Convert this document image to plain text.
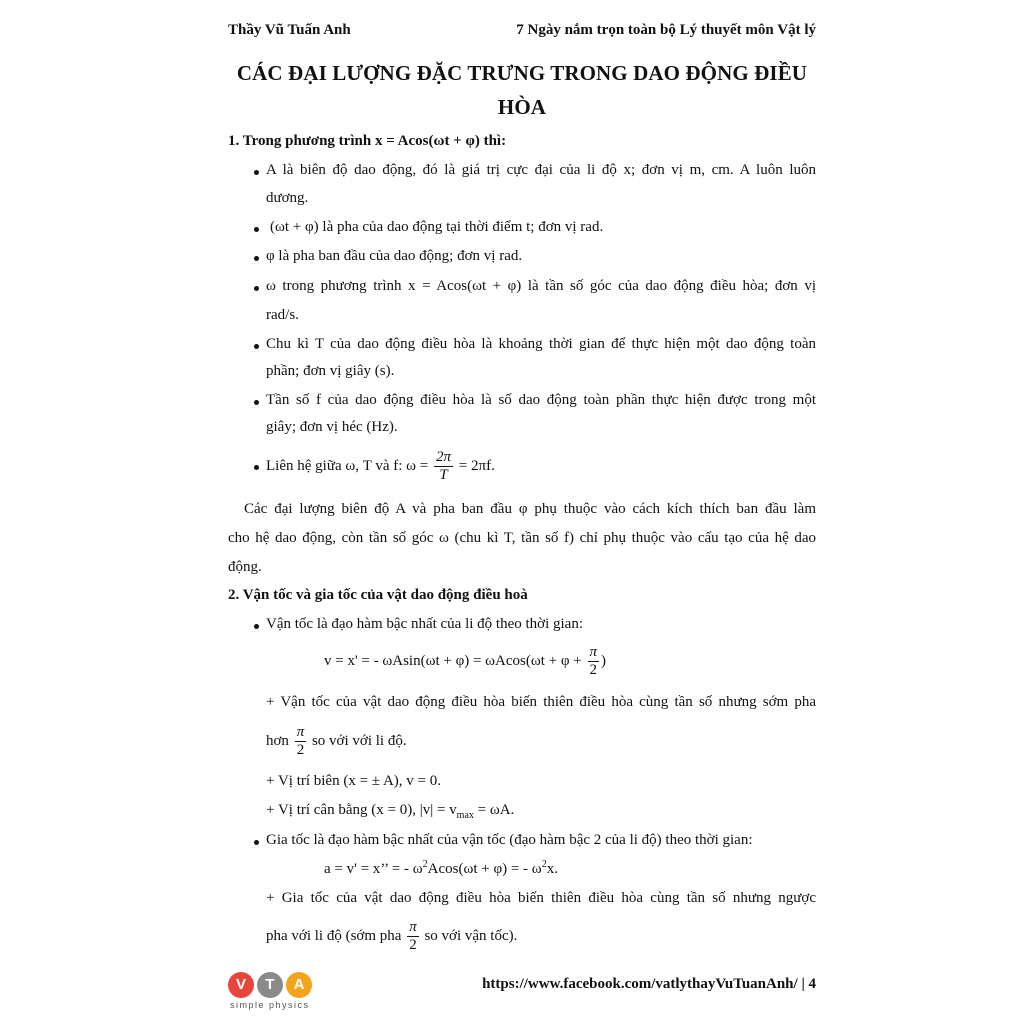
Thầy Vũ Tuấn Anh	7 Ngày nắm trọn toàn bộ Lý thuyết môn Vật lý
CÁC ĐẠI LƯỢNG ĐẶC TRƯNG TRONG DAO ĐỘNG ĐIỀU
HÒA
1. Trong phương trình x = Acos(ωt + φ) thì:
A là biên độ dao động, đó là giá trị cực đại của li độ x; đơn vị m, cm. A luôn luôn
dương.
(ωt + φ) là pha của dao động tại thời điểm t; đơn vị rad.
φ là pha ban đầu của dao động; đơn vị rad.
ω trong phương trình x = Acos(ωt + φ) là tần số góc của dao động điều hòa; đơn vị
rad/s.
Chu kì T của dao động điều hòa là khoảng thời gian để thực hiện một dao động toàn
phần; đơn vị giây (s).
Tần số f của dao động điều hòa là số dao động toàn phần thực hiện được trong một
giây; đơn vị héc (Hz).
Liên hệ giữa ω, T và f: $\omega = \frac{2\pi}{T} = 2\pi f$.
Các đại lượng biên độ A và pha ban đầu φ phụ thuộc vào cách kích thích ban đầu làm
cho hệ dao động, còn tần số góc ω (chu kì T, tần số f) chỉ phụ thuộc vào cấu tạo của hệ dao
động.
2. Vận tốc và gia tốc của vật dao động điều hoà
Vận tốc là đạo hàm bậc nhất của li độ theo thời gian:
v = x' = - $\omega Asin(\omega t + \varphi) = \omega Acos(\omega t + \varphi + \frac{\pi}{2}$ )
+ Vận tốc của vật dao động điều hòa biến thiên điều hòa cùng tần số nhưng sớm pha
hơn $\frac{\pi}{2}$ so với với li độ.
+ Vị trí biên (x = ± A), v = 0.
+ Vị trí cân bằng (x = 0), $|v| = v_{max} = \omega A$.
Gia tốc là đạo hàm bậc nhất của vận tốc (đạo hàm bậc 2 của li độ) theo thời gian:
a = v' = x’’ = - $\omega^2Acos(\omega t + \varphi)$ = - $\omega^2x$.
+ Gia tốc của vật dao động điều hòa biến thiên điều hòa cùng tần số nhưng ngược
pha với li độ (sớm pha $\frac{\pi}{2}$ so với vận tốc).
V	T	A
simple physics
https://www.facebook.com/vatlythayVuTuanAnh/ | 4
